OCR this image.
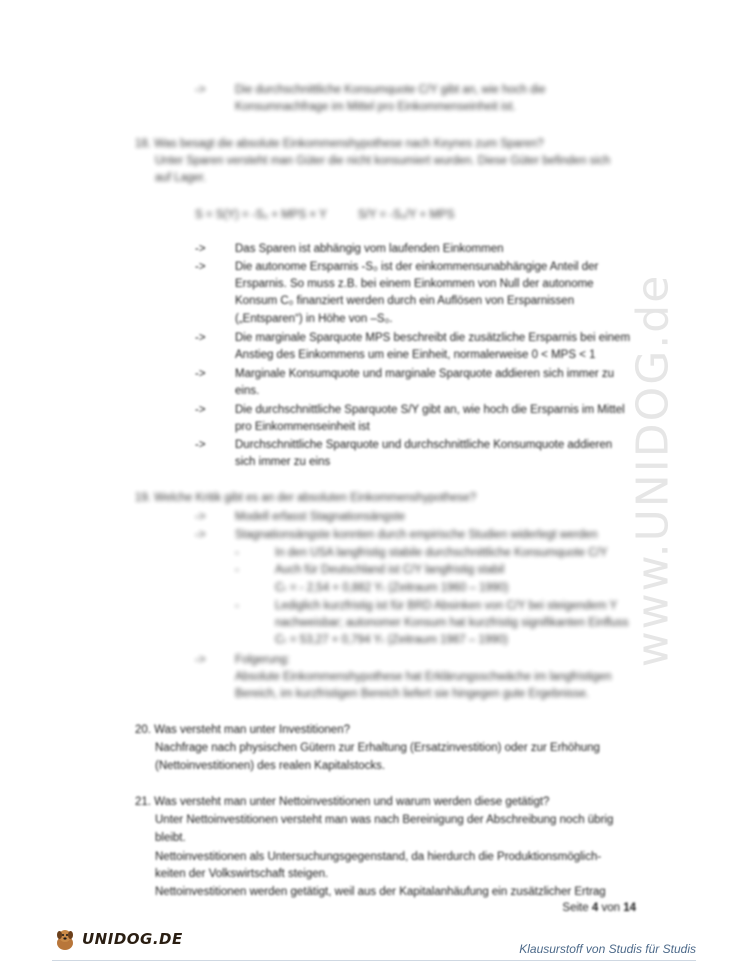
www.UNIDOG.de
->	Die durchschnittliche Konsumquote C/Y gibt an, wie hoch die
Konsumnachfrage im Mittel pro Einkommenseinheit ist.
18. Was besagt die absolute Einkommenshypothese nach Keynes zum Sparen?
Unter Sparen versteht man Güter die nicht konsumiert wurden. Diese Güter befinden sich
auf Lager.
S = S(Y) = -S₀ + MPS × Y	S/Y = -S₀/Y + MPS
->	Das Sparen ist abhängig vom laufenden Einkommen
->	Die autonome Ersparnis -S₀ ist der einkommensunabhängige Anteil der
Ersparnis. So muss z.B. bei einem Einkommen von Null der autonome
Konsum C₀ finanziert werden durch ein Auflösen von Ersparnissen
(„Entsparen“) in Höhe von –S₀.
->	Die marginale Sparquote MPS beschreibt die zusätzliche Ersparnis bei einem
Anstieg des Einkommens um eine Einheit, normalerweise 0 < MPS < 1
->	Marginale Konsumquote und marginale Sparquote addieren sich immer zu
eins.
->	Die durchschnittliche Sparquote S/Y gibt an, wie hoch die Ersparnis im Mittel
pro Einkommenseinheit ist
->	Durchschnittliche Sparquote und durchschnittliche Konsumquote addieren
sich immer zu eins
19. Welche Kritik gibt es an der absoluten Einkommenshypothese?
->	Modell erfasst Stagnationsängste
->	Stagnationsängste konnten durch empirische Studien widerlegt werden
-	In den USA langfristig stabile durchschnittliche Konsumquote C/Y
-	Auch für Deutschland ist C/Y langfristig stabil
Cₜ = - 2,54 + 0,882 Yₜ (Zeitraum 1960 – 1990)
-	Lediglich kurzfristig ist für BRD Absinken von C/Y bei steigendem Y
nachweisbar; autonomer Konsum hat kurzfristig signifikanten Einfluss
Cₜ = 53,27 + 0,794 Yₜ (Zeitraum 1987 – 1990)
->	Folgerung:
Absolute Einkommenshypothese hat Erklärungsschwäche im langfristigen
Bereich, im kurzfristigen Bereich liefert sie hingegen gute Ergebnisse.
20. Was versteht man unter Investitionen?
Nachfrage nach physischen Gütern zur Erhaltung (Ersatzinvestition) oder zur Erhöhung
(Nettoinvestitionen) des realen Kapitalstocks.
21. Was versteht man unter Nettoinvestitionen und warum werden diese getätigt?
Unter Nettoinvestitionen versteht man was nach Bereinigung der Abschreibung noch übrig
bleibt.
Nettoinvestitionen als Untersuchungsgegenstand, da hierdurch die Produktionsmöglich-
keiten der Volkswirtschaft steigen.
Nettoinvestitionen werden getätigt, weil aus der Kapitalanhäufung ein zusätzlicher Ertrag
Seite 4 von 14
UNIDOG.DE
Klausurstoff von Studis für Studis
